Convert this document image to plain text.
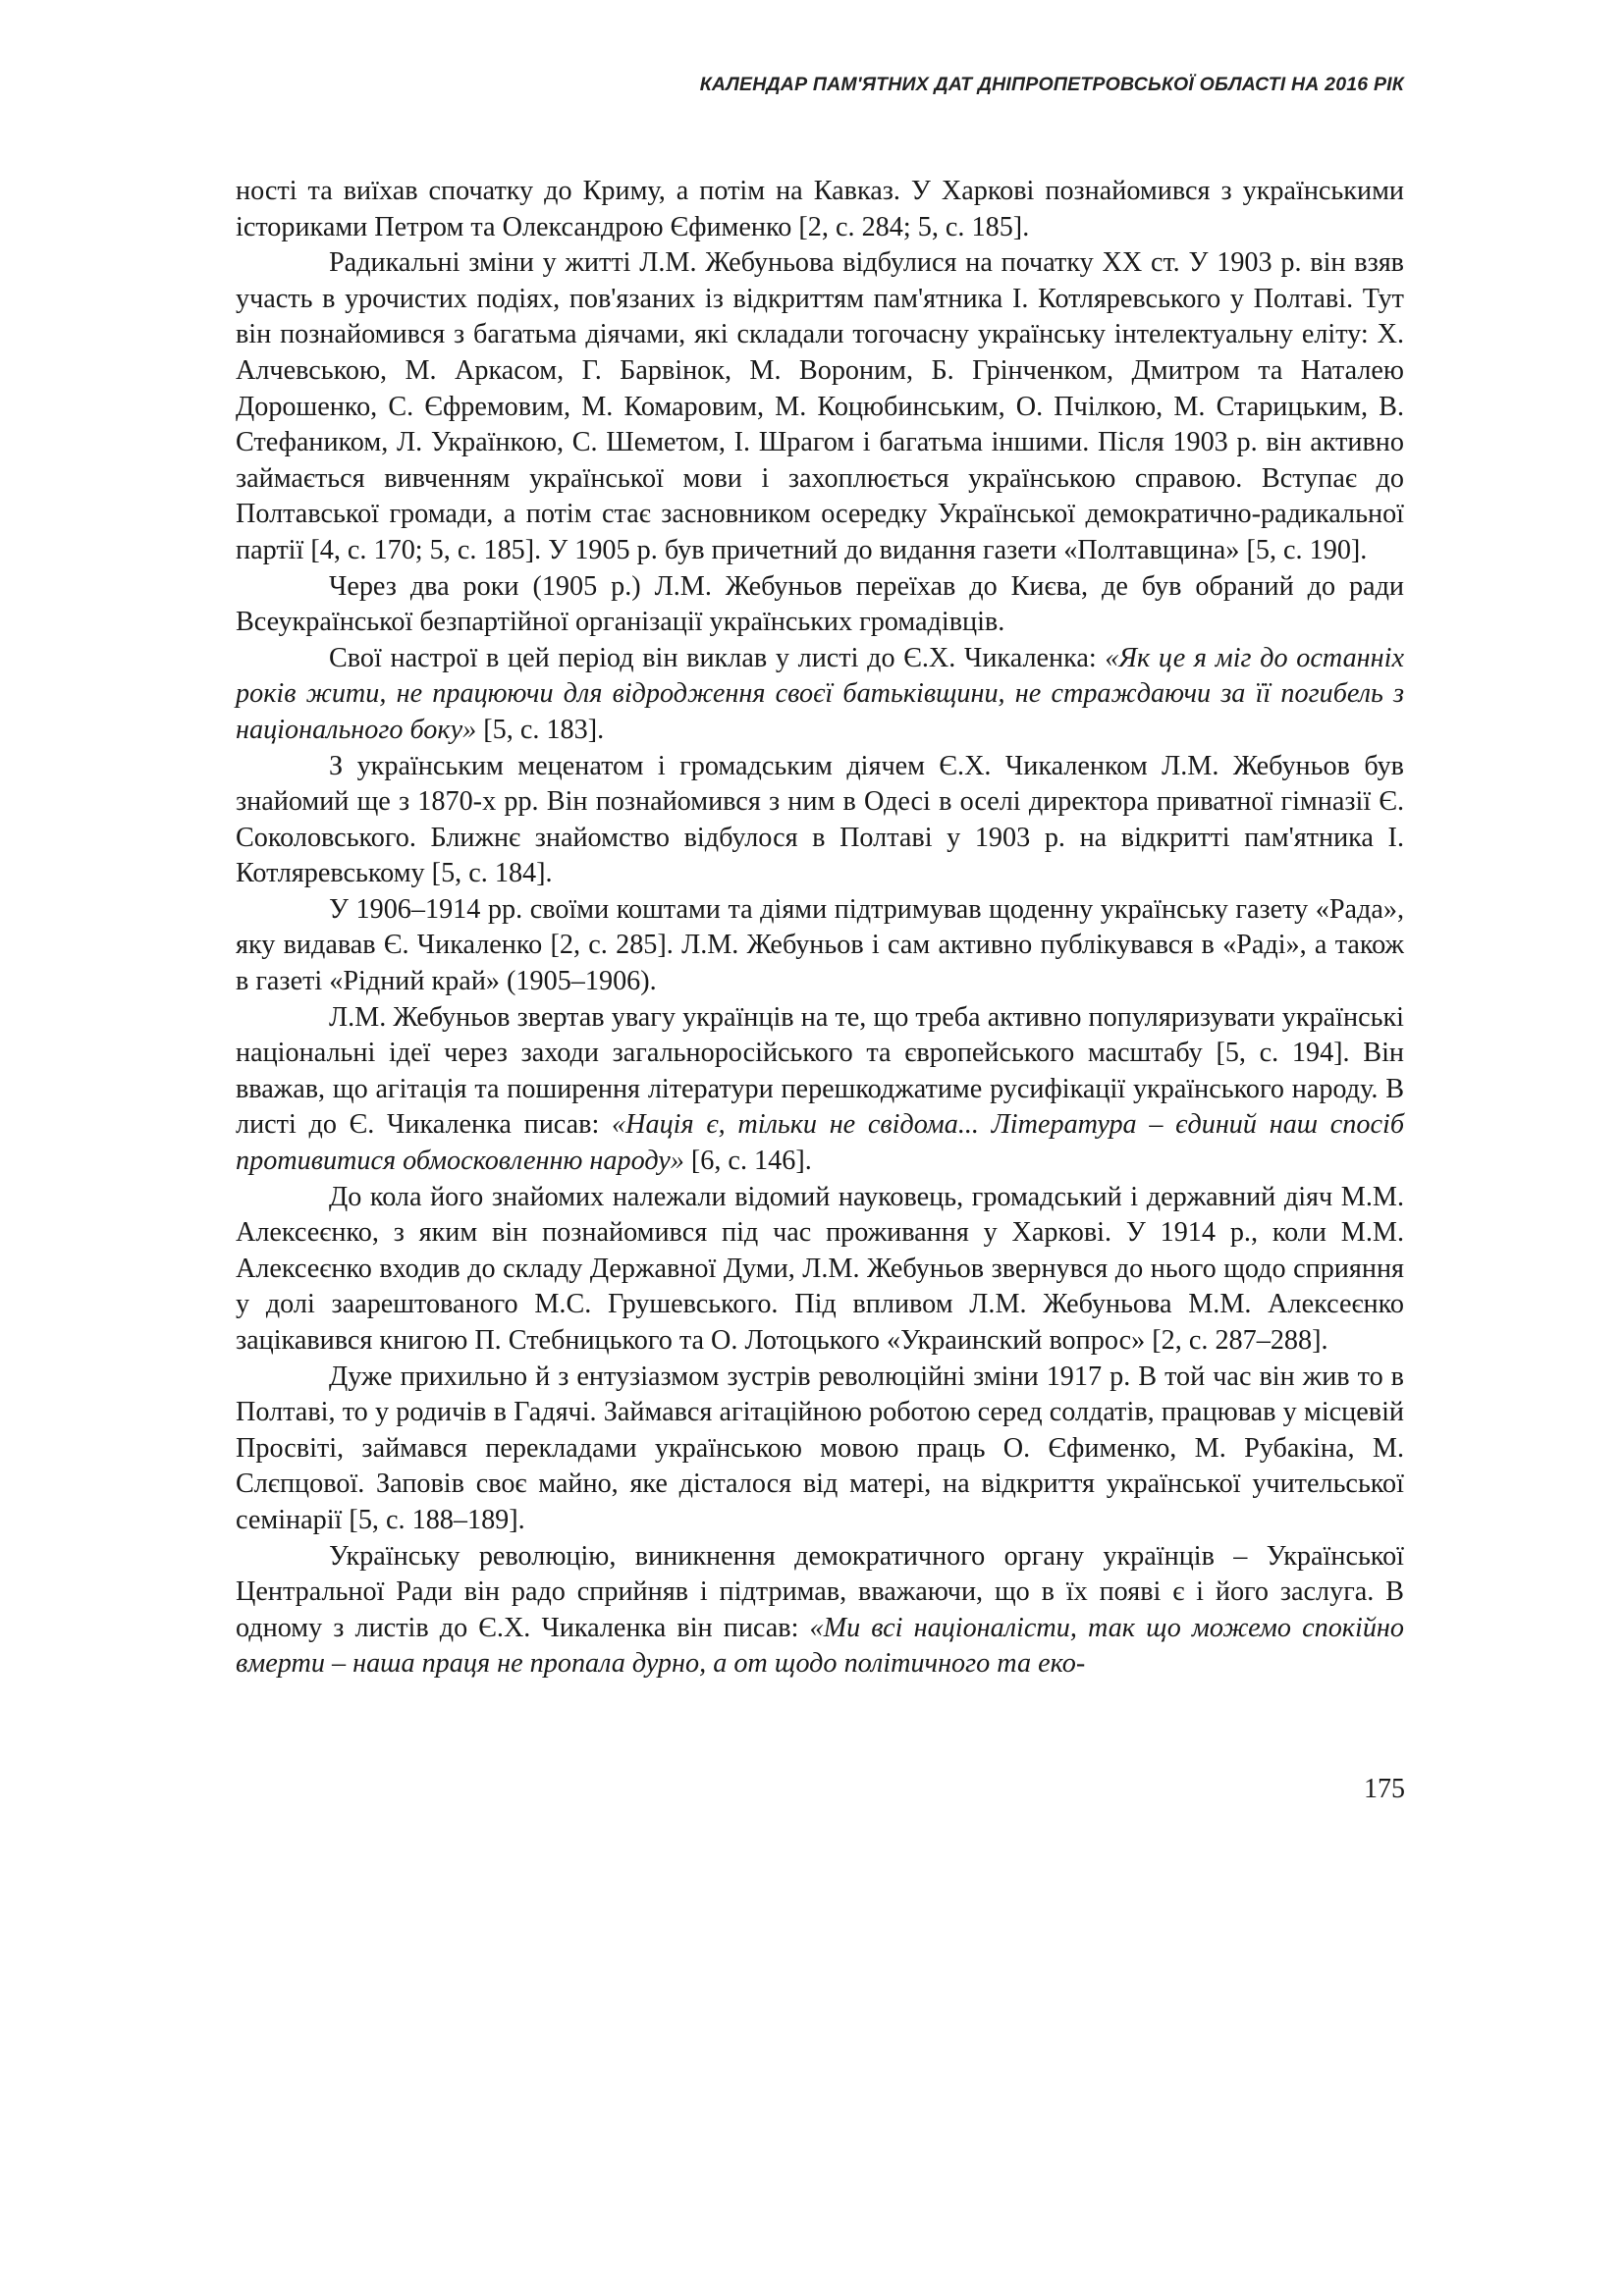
КАЛЕНДАР ПАМ'ЯТНИХ ДАТ ДНІПРОПЕТРОВСЬКОЇ ОБЛАСТІ НА 2016 РІК

ності та виїхав спочатку до Криму, а потім на Кавказ. У Харкові познайомився з українськими істориками Петром та Олександрою Єфименко [2, с. 284; 5, с. 185].

Радикальні зміни у житті Л.М. Жебуньова відбулися на початку XX ст. У 1903 р. він взяв участь в урочистих подіях, пов'язаних із відкриттям пам'ятника І. Котляревського у Полтаві. Тут він познайомився з багатьма діячами, які складали тогочасну українську інтелектуальну еліту: Х. Алчевською, М. Аркасом, Г. Барвінок, М. Вороним, Б. Грінченком, Дмитром та Наталею Дорошенко, С. Єфремовим, М. Комаровим, М. Коцюбинським, О. Пчілкою, М. Старицьким, В. Стефаником, Л. Українкою, С. Шеметом, І. Шрагом і багатьма іншими. Після 1903 р. він активно займається вивченням української мови і захоплюється українською справою. Вступає до Полтавської громади, а потім стає засновником осередку Української демократично-радикальної партії [4, с. 170; 5, с. 185]. У 1905 р. був причетний до видання газети «Полтавщина» [5, с. 190].

Через два роки (1905 р.) Л.М. Жебуньов переїхав до Києва, де був обраний до ради Всеукраїнської безпартійної організації українських громадівців.

Свої настрої в цей період він виклав у листі до Є.Х. Чикаленка: «Як це я міг до останніх років жити, не працюючи для відродження своєї батьківщини, не страждаючи за її погибель з національного боку» [5, с. 183].

З українським меценатом і громадським діячем Є.Х. Чикаленком Л.М. Жебуньов був знайомий ще з 1870-х рр. Він познайомився з ним в Одесі в оселі директора приватної гімназії Є. Соколовського. Ближнє знайомство відбулося в Полтаві у 1903 р. на відкритті пам'ятника І. Котляревському [5, с. 184].

У 1906–1914 рр. своїми коштами та діями підтримував щоденну українську газету «Рада», яку видавав Є. Чикаленко [2, с. 285]. Л.М. Жебуньов і сам активно публікувався в «Раді», а також в газеті «Рідний край» (1905–1906).

Л.М. Жебуньов звертав увагу українців на те, що треба активно популяризувати українські національні ідеї через заходи загальноросійського та європейського масштабу [5, с. 194]. Він вважав, що агітація та поширення літератури перешкоджатиме русифікації українського народу. В листі до Є. Чикаленка писав: «Нація є, тільки не свідома... Література – єдиний наш спосіб противитися обмосковленню народу» [6, с. 146].

До кола його знайомих належали відомий науковець, громадський і державний діяч М.М. Алексеєнко, з яким він познайомився під час проживання у Харкові. У 1914 р., коли М.М. Алексеєнко входив до складу Державної Думи, Л.М. Жебуньов звернувся до нього щодо сприяння у долі заарештованого М.С. Грушевського. Під впливом Л.М. Жебуньова М.М. Алексеєнко зацікавився книгою П. Стебницького та О. Лотоцького «Украинский вопрос» [2, с. 287–288].

Дуже прихильно й з ентузіазмом зустрів революційні зміни 1917 р. В той час він жив то в Полтаві, то у родичів в Гадячі. Займався агітаційною роботою серед солдатів, працював у місцевій Просвіті, займався перекладами українською мовою праць О. Єфименко, М. Рубакіна, М. Слєпцової. Заповів своє майно, яке дісталося від матері, на відкриття української учительської семінарії [5, с. 188–189].

Українську революцію, виникнення демократичного органу українців – Української Центральної Ради він радо сприйняв і підтримав, вважаючи, що в їх появі є і його заслуга. В одному з листів до Є.Х. Чикаленка він писав: «Ми всі націоналісти, так що можемо спокійно вмерти – наша праця не пропала дурно, а от щодо політичного та еко-

175
